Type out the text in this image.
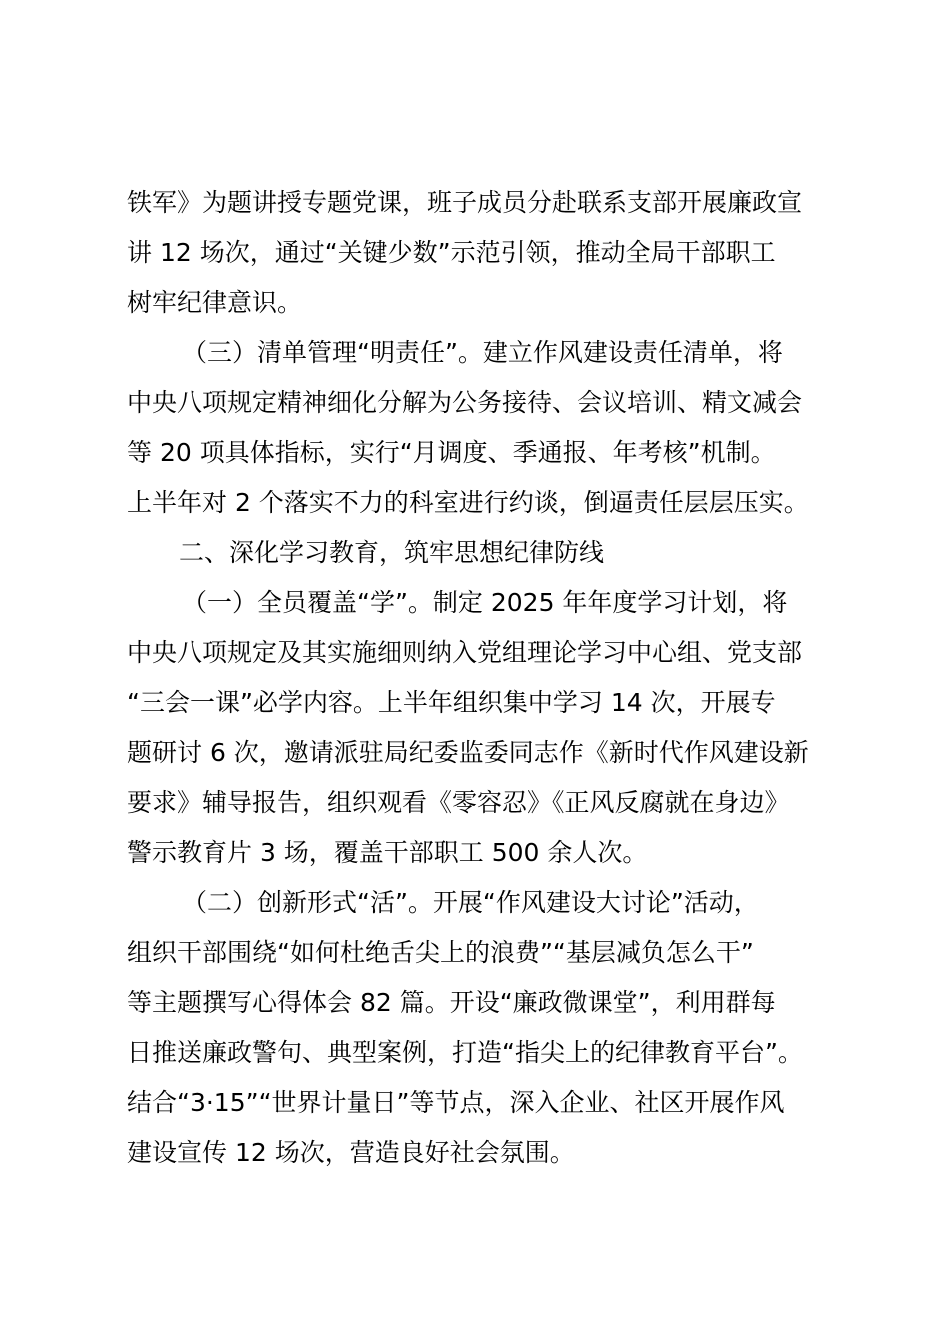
铁军》为题讲授专题党课，班子成员分赴联系支部开展廉政宣
讲 12 场次，通过“关键少数”示范引领，推动全局干部职工
树牢纪律意识。
（三）清单管理“明责任”。建立作风建设责任清单，将
中央八项规定精神细化分解为公务接待、会议培训、精文减会
等 20 项具体指标，实行“月调度、季通报、年考核”机制。
上半年对 2 个落实不力的科室进行约谈，倒逼责任层层压实。
二、深化学习教育，筑牢思想纪律防线
（一）全员覆盖“学”。制定 2025 年年度学习计划，将
中央八项规定及其实施细则纳入党组理论学习中心组、党支部
“三会一课”必学内容。上半年组织集中学习 14 次，开展专
题研讨 6 次，邀请派驻局纪委监委同志作《新时代作风建设新
要求》辅导报告，组织观看《零容忍》《正风反腐就在身边》
警示教育片 3 场，覆盖干部职工 500 余人次。
（二）创新形式“活”。开展“作风建设大讨论”活动，
组织干部围绕“如何杜绝舌尖上的浪费”“基层减负怎么干”
等主题撰写心得体会 82 篇。开设“廉政微课堂”，利用群每
日推送廉政警句、典型案例，打造“指尖上的纪律教育平台”。
结合“3·15”“世界计量日”等节点，深入企业、社区开展作风
建设宣传 12 场次，营造良好社会氛围。
